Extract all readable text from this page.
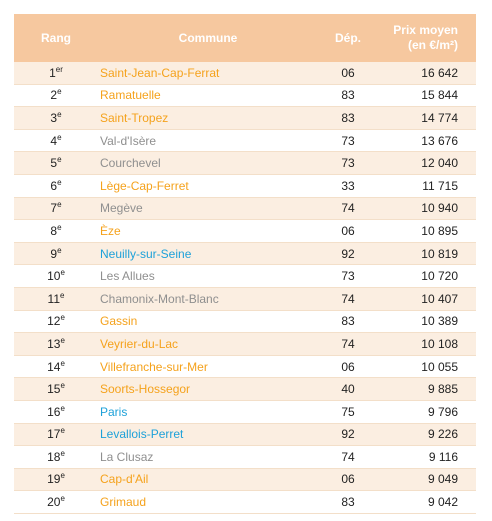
Rang	Commune	Dép.	Prix moyen
(en €/m²)

1er	Saint-Jean-Cap-Ferrat	06	16 642
2e	Ramatuelle	83	15 844
3e	Saint-Tropez	83	14 774
4e	Val-d'Isère	73	13 676
5e	Courchevel	73	12 040
6e	Lège-Cap-Ferret	33	11 715
7e	Megève	74	10 940
8e	Èze	06	10 895
9e	Neuilly-sur-Seine	92	10 819
10e	Les Allues	73	10 720
11e	Chamonix-Mont-Blanc	74	10 407
12e	Gassin	83	10 389
13e	Veyrier-du-Lac	74	10 108
14e	Villefranche-sur-Mer	06	10 055
15e	Soorts-Hossegor	40	9 885
16e	Paris	75	9 796
17e	Levallois-Perret	92	9 226
18e	La Clusaz	74	9 116
19e	Cap-d'Ail	06	9 049
20e	Grimaud	83	9 042
